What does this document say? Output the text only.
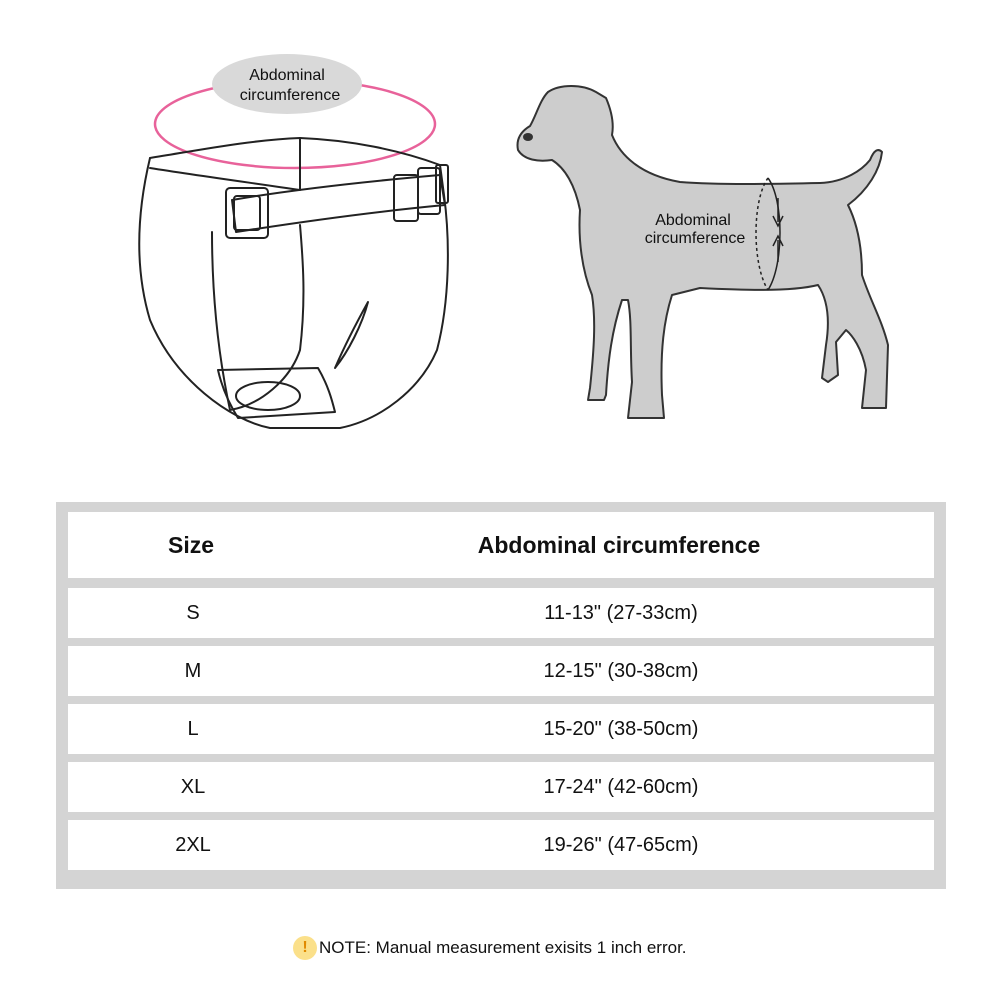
Abdominal
circumference
Abdominal
circumference
Size	Abdominal circumference
S	11-13" (27-33cm)
M	12-15" (30-38cm)
L	15-20" (38-50cm)
XL	17-24" (42-60cm)
2XL	19-26" (47-65cm)
! NOTE: Manual measurement exisits 1 inch error.
